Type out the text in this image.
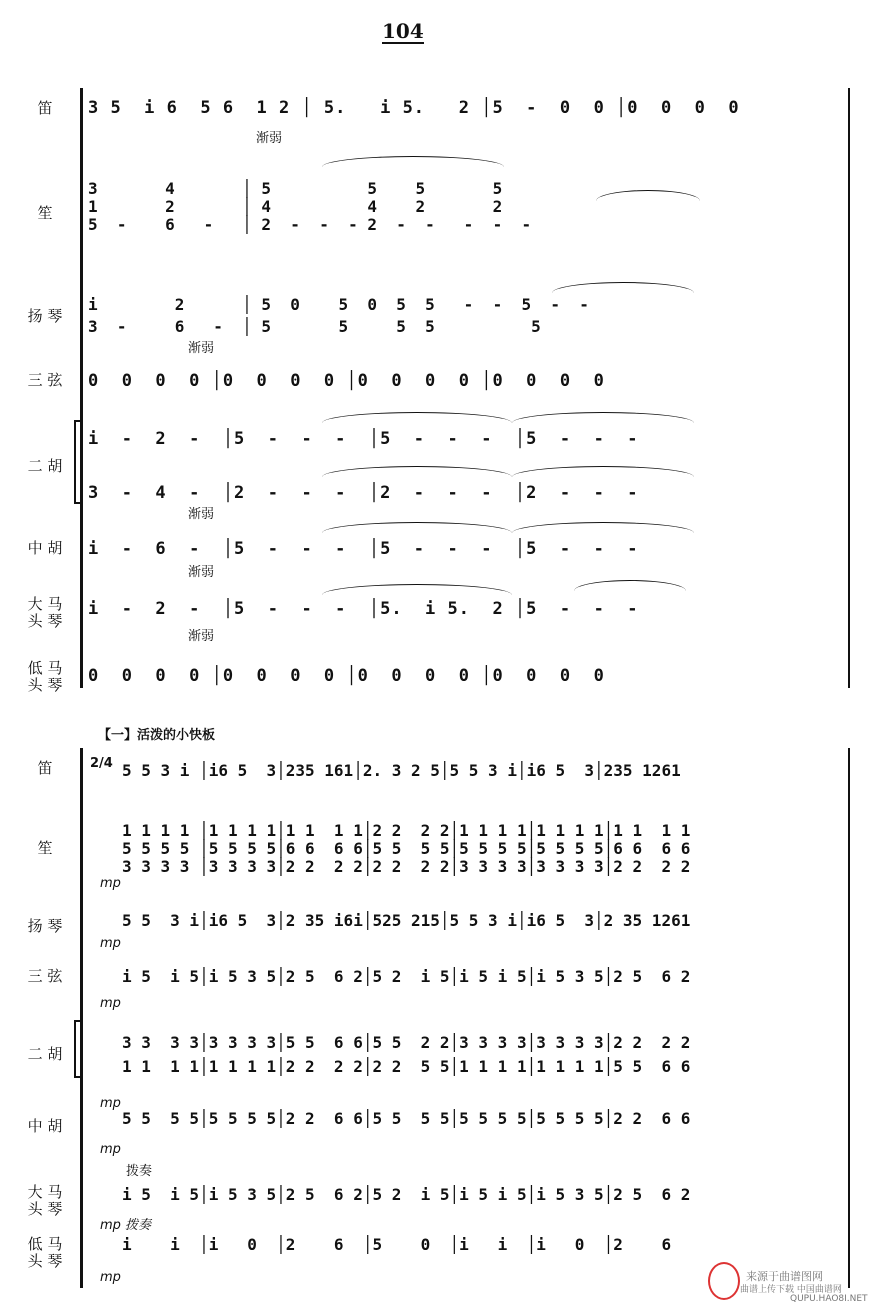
104
笛
笙
扬 琴
三 弦
二 胡
中 胡
大 马
头 琴
低 马
头 琴
3 5  i 6  5 6  1 2 │ 5.   i 5.   2 │5  -  0  0 │0  0  0  0
3       4       │ 5          5    5       5
1       2       │ 4          4    2       2
5  -    6   -   │ 2  -  -  - 2  -  -   -  -  -
i        2      │ 5  0    5  0  5  5   -  -  5  -  -
3  -     6   -  │ 5       5     5  5          5
0  0  0  0 │0  0  0  0 │0  0  0  0 │0  0  0  0
i  -  2  -  │5  -  -  -  │5  -  -  -  │5  -  -  -
3  -  4  -  │2  -  -  -  │2  -  -  -  │2  -  -  -
i  -  6  -  │5  -  -  -  │5  -  -  -  │5  -  -  -
i  -  2  -  │5  -  -  -  │5.  i 5.  2 │5  -  -  -
0  0  0  0 │0  0  0  0 │0  0  0  0 │0  0  0  0
渐弱
渐弱
渐弱
渐弱
渐弱
【一】活泼的小快板
笛
笙
扬 琴
三 弦
二 胡
中 胡
大 马
头 琴
低 马
头 琴
2/4 5 5 3 i │i6 5  3│235 161│2. 3 2 5│5 5 3 i│i6 5  3│235 1261
1 1 1 1 │1 1 1 1│1 1  1 1│2 2  2 2│1 1 1 1│1 1 1 1│1 1  1 1
5 5 5 5 │5 5 5 5│6 6  6 6│5 5  5 5│5 5 5 5│5 5 5 5│6 6  6 6
3 3 3 3 │3 3 3 3│2 2  2 2│2 2  2 2│3 3 3 3│3 3 3 3│2 2  2 2
5 5  3 i│i6 5  3│2 35 i6i│525 215│5 5 3 i│i6 5  3│2 35 1261
i 5  i 5│i 5 3 5│2 5  6 2│5 2  i 5│i 5 i 5│i 5 3 5│2 5  6 2
3 3  3 3│3 3 3 3│5 5  6 6│5 5  2 2│3 3 3 3│3 3 3 3│2 2  2 2
1 1  1 1│1 1 1 1│2 2  2 2│2 2  5 5│1 1 1 1│1 1 1 1│5 5  6 6
5 5  5 5│5 5 5 5│2 2  6 6│5 5  5 5│5 5 5 5│5 5 5 5│2 2  6 6
i 5  i 5│i 5 3 5│2 5  6 2│5 2  i 5│i 5 i 5│i 5 3 5│2 5  6 2
i    i  │i   0  │2    6  │5    0  │i   i  │i   0  │2    6
mp
mp
mp
mp
mp
拨奏
mp 拨奏
mp	来源于曲谱图网
曲谱上传下载 中国曲谱网
QUPU.HAO8I.NET
